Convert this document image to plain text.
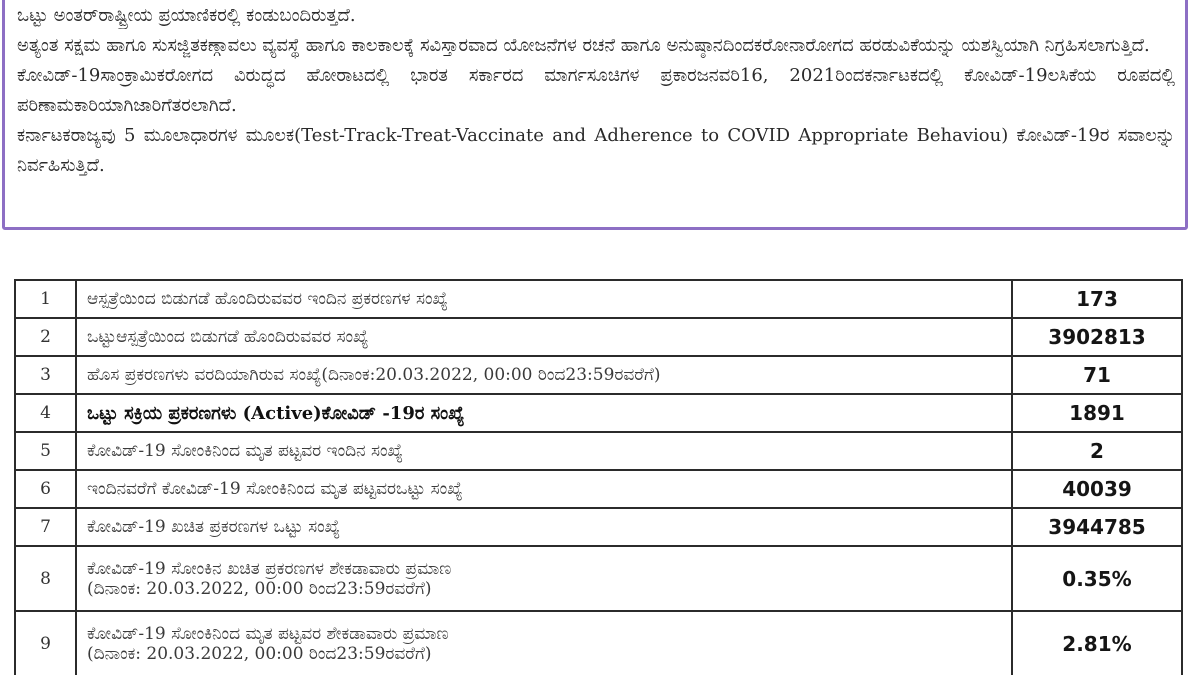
ಒಟ್ಟು ಅಂತರ್‌ರಾಷ್ಟ್ರೀಯ ಪ್ರಯಾಣಿಕರಲ್ಲಿ ಕಂಡುಬಂದಿರುತ್ತದೆ.

ಅತ್ಯಂತ ಸಕ್ಷಮ ಹಾಗೂ ಸುಸಜ್ಜಿತಕಣ್ಗಾವಲು ವ್ಯವಸ್ಥೆ ಹಾಗೂ ಕಾಲಕಾಲಕ್ಕೆ ಸವಿಸ್ತಾರವಾದ ಯೋಜನೆಗಳ ರಚನೆ ಹಾಗೂ ಅನುಷ್ಠಾನದಿಂದಕರೋನಾರೋಗದ ಹರಡುವಿಕೆಯನ್ನು ಯಶಸ್ವಿಯಾಗಿ ನಿಗ್ರಹಿಸಲಾಗುತ್ತಿದೆ.

ಕೋವಿಡ್-19ಸಾಂಕ್ರಾಮಿಕರೋಗದ ವಿರುದ್ಧದ ಹೋರಾಟದಲ್ಲಿ ಭಾರತ ಸರ್ಕಾರದ ಮಾರ್ಗಸೂಚಿಗಳ ಪ್ರಕಾರಜನವರಿ16, 2021ರಿಂದಕರ್ನಾಟಕದಲ್ಲಿ ಕೋವಿಡ್-19ಲಸಿಕೆಯ ರೂಪದಲ್ಲಿ ಪರಿಣಾಮಕಾರಿಯಾಗಿಜಾರಿಗೆತರಲಾಗಿದೆ.

ಕರ್ನಾಟಕರಾಜ್ಯವು 5 ಮೂಲಾಧಾರಗಳ ಮೂಲಕ(Test-Track-Treat-Vaccinate and Adherence to COVID Appropriate Behaviou) ಕೋವಿಡ್-19ರ ಸವಾಲನ್ನು ನಿರ್ವಹಿಸುತ್ತಿದೆ.

1	ಆಸ್ಪತ್ರೆಯಿಂದ ಬಿಡುಗಡೆ ಹೊಂದಿರುವವರ ಇಂದಿನ ಪ್ರಕರಣಗಳ ಸಂಖ್ಯೆ	173
2	ಒಟ್ಟುಆಸ್ಪತ್ರೆಯಿಂದ ಬಿಡುಗಡೆ ಹೊಂದಿರುವವರ ಸಂಖ್ಯೆ	3902813
3	ಹೊಸ ಪ್ರಕರಣಗಳು ವರದಿಯಾಗಿರುವ ಸಂಖ್ಯೆ(ದಿನಾಂಕ:20.03.2022, 00:00 ರಿಂದ23:59ರವರೆಗೆ)	71
4	ಒಟ್ಟು ಸಕ್ರಿಯ ಪ್ರಕರಣಗಳು (Active)ಕೋವಿಡ್ -19ರ ಸಂಖ್ಯೆ	1891
5	ಕೋವಿಡ್-19 ಸೋಂಕಿನಿಂದ ಮೃತ ಪಟ್ಟವರ ಇಂದಿನ ಸಂಖ್ಯೆ	2
6	ಇಂದಿನವರೆಗೆ ಕೋವಿಡ್-19 ಸೋಂಕಿನಿಂದ ಮೃತ ಪಟ್ಟವರಒಟ್ಟು ಸಂಖ್ಯೆ	40039
7	ಕೋವಿಡ್-19 ಖಚಿತ ಪ್ರಕರಣಗಳ ಒಟ್ಟು ಸಂಖ್ಯೆ	3944785
8	ಕೋವಿಡ್-19 ಸೋಂಕಿನ ಖಚಿತ ಪ್ರಕರಣಗಳ ಶೇಕಡಾವಾರು ಪ್ರಮಾಣ
(ದಿನಾಂಕ: 20.03.2022, 00:00 ರಿಂದ23:59ರವರೆಗೆ)	0.35%
9	ಕೋವಿಡ್-19 ಸೋಂಕಿನಿಂದ ಮೃತ ಪಟ್ಟವರ ಶೇಕಡಾವಾರು ಪ್ರಮಾಣ
(ದಿನಾಂಕ: 20.03.2022, 00:00 ರಿಂದ23:59ರವರೆಗೆ)	2.81%
